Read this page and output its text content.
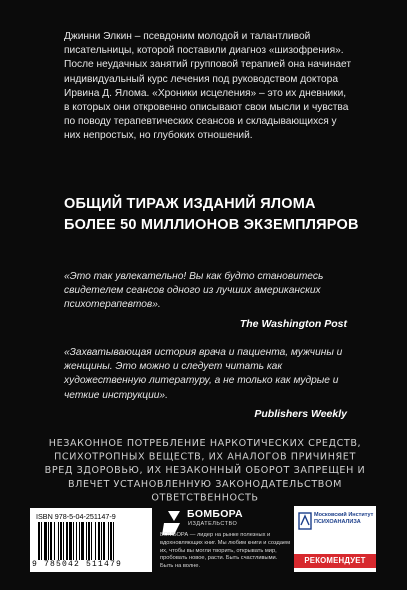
Джинни Элкин – псевдоним молодой и талантливой писательницы, которой поставили диагноз «шизофрения». После неудачных занятий групповой терапией она начинает индивидуальный курс лечения под руководством доктора Ирвина Д. Ялома. «Хроники исцеления» – это их дневники, в которых они откровенно описывают свои мысли и чувства по поводу терапевтических сеансов и складывающихся у них непростых, но глубоких отношений.
ОБЩИЙ ТИРАЖ ИЗДАНИЙ ЯЛОМА
БОЛЕЕ 50 МИЛЛИОНОВ ЭКЗЕМПЛЯРОВ
«Это так увлекательно! Вы как будто становитесь свидетелем сеансов одного из лучших американских психотерапевтов».
The Washington Post
«Захватывающая история врача и пациента, мужчины и женщины. Это можно и следует читать как художественную литературу, а не только как мудрые и четкие инструкции».
Publishers Weekly
НЕЗАКОННОЕ ПОТРЕБЛЕНИЕ НАРКОТИЧЕСКИХ СРЕДСТВ, ПСИХОТРОПНЫХ ВЕЩЕСТВ, ИХ АНАЛОГОВ ПРИЧИНЯЕТ ВРЕД ЗДОРОВЬЮ, ИХ НЕЗАКОННЫЙ ОБОРОТ ЗАПРЕЩЕН И ВЛЕЧЕТ УСТАНОВЛЕННУЮ ЗАКОНОДАТЕЛЬСТВОМ ОТВЕТСТВЕННОСТЬ
ISBN 978-5-04-251147-9
9 785042 511479
БОМБОРА
ИЗДАТЕЛЬСТВО
БОМБОРА — лидер на рынке полезных и вдохновляющих книг. Мы любим книги и создаем их, чтобы вы могли творить, открывать мир, пробовать новое, расти. Быть счастливыми. Быть на волне.
Московский Институт ПСИХОАНАЛИЗА
РЕКОМЕНДУЕТ
